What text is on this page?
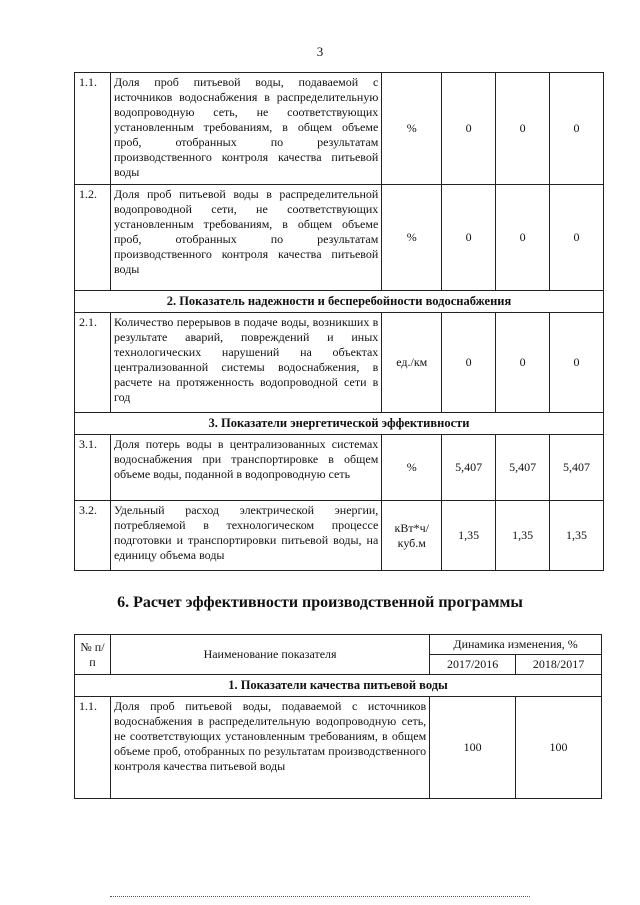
3
1.1.	Доля проб питьевой воды, подаваемой с источников водоснабжения в распределительную водопроводную сеть, не соответствующих установленным требованиям, в общем объеме проб, отобранных по результатам производственного контроля качества питьевой воды	%	0	0	0
1.2.	Доля проб питьевой воды в распределительной водопроводной сети, не соответствующих установленным требованиям, в общем объеме проб, отобранных по результатам производственного контроля качества питьевой воды	%	0	0	0
2. Показатель надежности и бесперебойности водоснабжения					
2.1.	Количество перерывов в подаче воды, возникших в результате аварий, повреждений и иных технологических нарушений на объектах централизованной системы водоснабжения, в расчете на протяженность водопроводной сети в год	ед./км	0	0	0
3. Показатели энергетической эффективности					
3.1.	Доля потерь воды в централизованных системах водоснабжения при транспортировке в общем объеме воды, поданной в водопроводную сеть	%	5,407	5,407	5,407
3.2.	Удельный расход электрической энергии, потребляемой в технологическом процессе подготовки и транспортировки питьевой воды, на единицу объема воды	кВт*ч/ куб.м	1,35	1,35	1,35
6. Расчет эффективности производственной программы
№ п/п	Наименование показателя	Динамика изменения, %	
		2017/2016	2018/2017
1. Показатели качества питьевой воды			
1.1.	Доля проб питьевой воды, подаваемой с источников водоснабжения в распределительную водопроводную сеть, не соответствующих установленным требованиям, в общем объеме проб, отобранных по результатам производственного контроля качества питьевой воды	100	100
